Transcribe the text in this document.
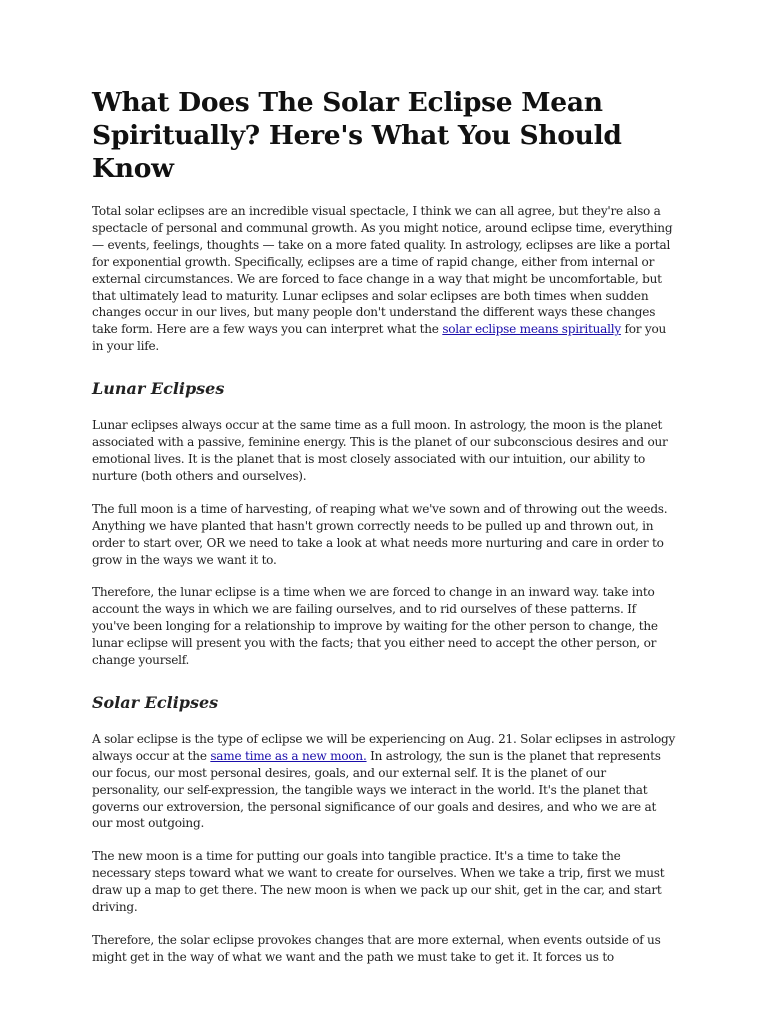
What Does The Solar Eclipse Mean Spiritually? Here's What You Should Know

Total solar eclipses are an incredible visual spectacle, I think we can all agree, but they're also a spectacle of personal and communal growth. As you might notice, around eclipse time, everything — events, feelings, thoughts — take on a more fated quality. In astrology, eclipses are like a portal for exponential growth. Specifically, eclipses are a time of rapid change, either from internal or external circumstances. We are forced to face change in a way that might be uncomfortable, but that ultimately lead to maturity. Lunar eclipses and solar eclipses are both times when sudden changes occur in our lives, but many people don't understand the different ways these changes take form. Here are a few ways you can interpret what the solar eclipse means spiritually for you in your life.

Lunar Eclipses

Lunar eclipses always occur at the same time as a full moon. In astrology, the moon is the planet associated with a passive, feminine energy. This is the planet of our subconscious desires and our emotional lives. It is the planet that is most closely associated with our intuition, our ability to nurture (both others and ourselves).

The full moon is a time of harvesting, of reaping what we've sown and of throwing out the weeds. Anything we have planted that hasn't grown correctly needs to be pulled up and thrown out, in order to start over, OR we need to take a look at what needs more nurturing and care in order to grow in the ways we want it to.

Therefore, the lunar eclipse is a time when we are forced to change in an inward way. take into account the ways in which we are failing ourselves, and to rid ourselves of these patterns. If you've been longing for a relationship to improve by waiting for the other person to change, the lunar eclipse will present you with the facts; that you either need to accept the other person, or change yourself.

Solar Eclipses

A solar eclipse is the type of eclipse we will be experiencing on Aug. 21. Solar eclipses in astrology always occur at the same time as a new moon. In astrology, the sun is the planet that represents our focus, our most personal desires, goals, and our external self. It is the planet of our personality, our self-expression, the tangible ways we interact in the world. It's the planet that governs our extroversion, the personal significance of our goals and desires, and who we are at our most outgoing.

The new moon is a time for putting our goals into tangible practice. It's a time to take the necessary steps toward what we want to create for ourselves. When we take a trip, first we must draw up a map to get there. The new moon is when we pack up our shit, get in the car, and start driving.

Therefore, the solar eclipse provokes changes that are more external, when events outside of us might get in the way of what we want and the path we must take to get it. It forces us to
